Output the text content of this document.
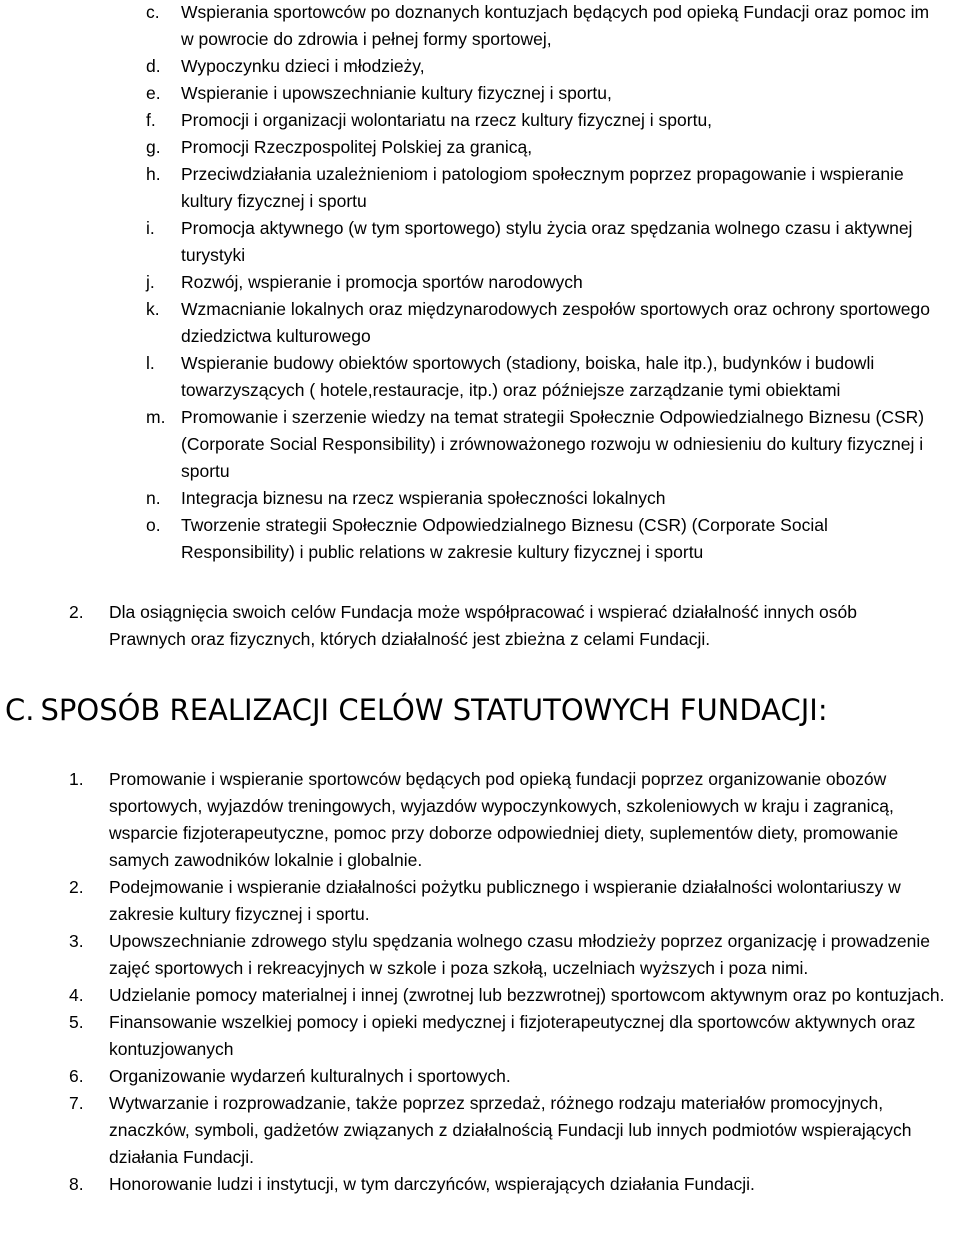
1. c. Wspierania sportowców po doznanych kontuzjach będących pod opieką Fundacji oraz pomoc im w powrocie do zdrowia i pełnej formy sportowej,
2. d. Wypoczynku dzieci i młodzieży,
3. e. Wspieranie i upowszechnianie kultury fizycznej i sportu,
4. f. Promocji i organizacji wolontariatu na rzecz kultury fizycznej i sportu,
5. g. Promocji Rzeczpospolitej Polskiej za granicą,
6. h. Przeciwdziałania uzależnieniom i patologiom społecznym poprzez propagowanie i wspieranie kultury fizycznej i sportu
7. i. Promocja aktywnego (w tym sportowego) stylu życia oraz spędzania wolnego czasu i aktywnej turystyki
8. j. Rozwój, wspieranie i promocja sportów narodowych
9. k. Wzmacnianie lokalnych oraz międzynarodowych zespołów sportowych oraz ochrony sportowego dziedzictwa kulturowego
10. l. Wspieranie budowy obiektów sportowych (stadiony, boiska, hale itp.), budynków i budowli towarzyszących ( hotele,restauracje, itp.) oraz późniejsze zarządzanie tymi obiektami
11. m. Promowanie i szerzenie wiedzy na temat strategii Społecznie Odpowiedzialnego Biznesu (CSR)(Corporate Social Responsibility) i zrównoważonego rozwoju w odniesieniu do kultury fizycznej i sportu
12. n. Integracja biznesu na rzecz wspierania społeczności lokalnych
13. o. Tworzenie strategii Społecznie Odpowiedzialnego Biznesu (CSR) (Corporate Social Responsibility) i public relations w zakresie kultury fizycznej i sportu
1. 2. Dla osiągnięcia swoich celów Fundacja może współpracować i wspierać działalność innych osób Prawnych oraz fizycznych, których działalność jest zbieżna z celami Fundacji.
C. SPOSÓB REALIZACJI CELÓW STATUTOWYCH FUNDACJI:
1. 1. Promowanie i wspieranie sportowców będących pod opieką fundacji poprzez organizowanie obozów sportowych, wyjazdów treningowych, wyjazdów wypoczynkowych, szkoleniowych w kraju i zagranicą, wsparcie fizjoterapeutyczne, pomoc przy doborze odpowiedniej diety, suplementów diety, promowanie samych zawodników lokalnie i globalnie.
2. 2. Podejmowanie i wspieranie działalności pożytku publicznego i wspieranie działalności wolontariuszy w zakresie kultury fizycznej i sportu.
3. 3. Upowszechnianie zdrowego stylu spędzania wolnego czasu młodzieży poprzez organizację i prowadzenie zajęć sportowych i rekreacyjnych w szkole i poza szkołą, uczelniach wyższych i poza nimi.
4. 4. Udzielanie pomocy materialnej i innej (zwrotnej lub bezzwrotnej) sportowcom aktywnym oraz po kontuzjach.
5. 5. Finansowanie wszelkiej pomocy i opieki medycznej i fizjoterapeutycznej dla sportowców aktywnych oraz kontuzjowanych
6. 6. Organizowanie wydarzeń kulturalnych i sportowych.
7. 7. Wytwarzanie i rozprowadzanie, także poprzez sprzedaż, różnego rodzaju materiałów promocyjnych, znaczków, symboli, gadżetów związanych z działalnością Fundacji lub innych podmiotów wspierających działania Fundacji.
8. 8. Honorowanie ludzi i instytucji, w tym darczyńców, wspierających działania Fundacji.
